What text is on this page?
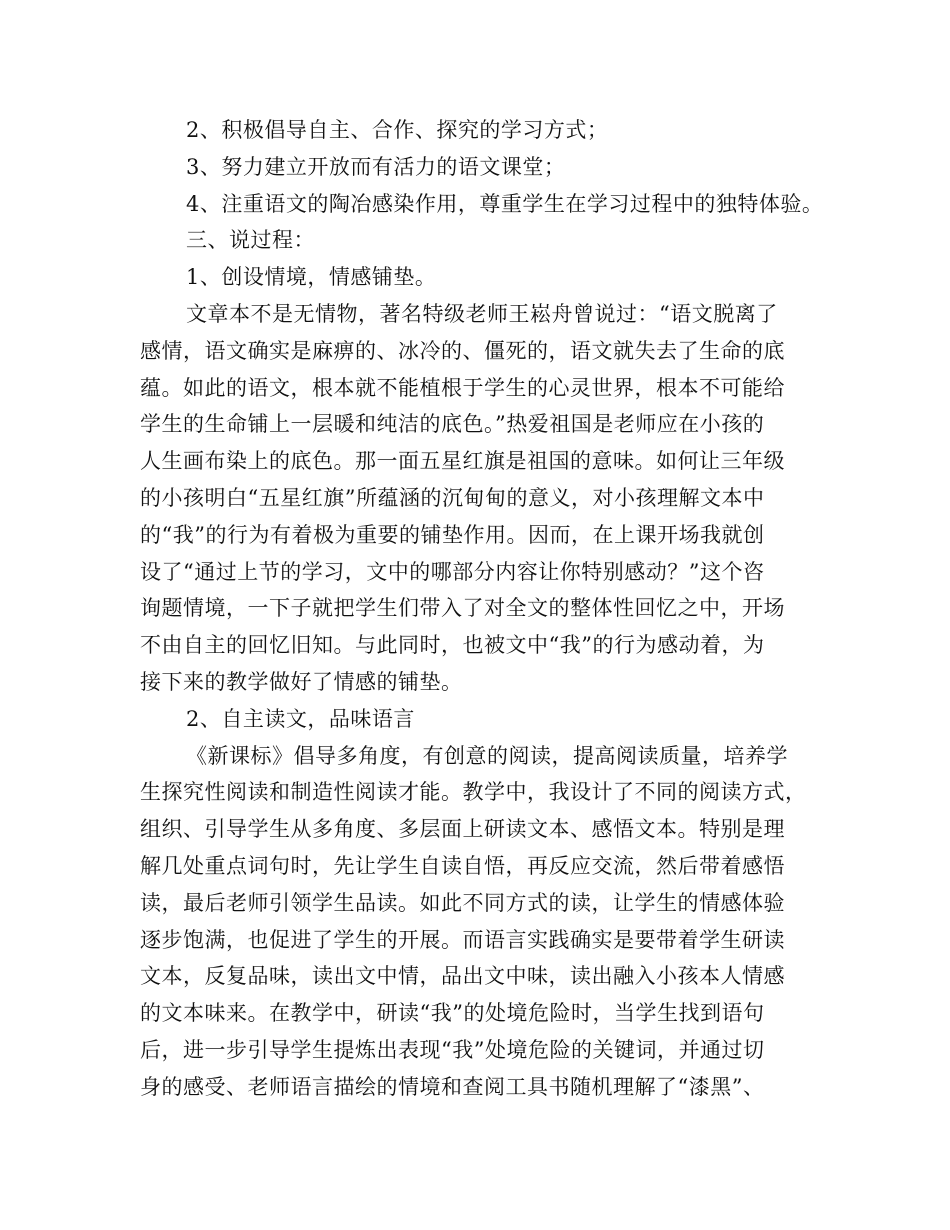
2、积极倡导自主、合作、探究的学习方式；
3、努力建立开放而有活力的语文课堂；
4、注重语文的陶冶感染作用，尊重学生在学习过程中的独特体验。
三、说过程：
1、创设情境，情感铺垫。
文章本不是无情物，著名特级老师王崧舟曾说过：“语文脱离了
感情，语文确实是麻痹的、冰冷的、僵死的，语文就失去了生命的底
蕴。如此的语文，根本就不能植根于学生的心灵世界，根本不可能给
学生的生命铺上一层暖和纯洁的底色。”热爱祖国是老师应在小孩的
人生画布染上的底色。那一面五星红旗是祖国的意味。如何让三年级
的小孩明白“五星红旗”所蕴涵的沉甸甸的意义，对小孩理解文本中
的“我”的行为有着极为重要的铺垫作用。因而，在上课开场我就创
设了“通过上节的学习，文中的哪部分内容让你特别感动？”这个咨
询题情境，一下子就把学生们带入了对全文的整体性回忆之中，开场
不由自主的回忆旧知。与此同时，也被文中“我”的行为感动着，为
接下来的教学做好了情感的铺垫。
2、自主读文，品味语言
《新课标》倡导多角度，有创意的阅读，提高阅读质量，培养学
生探究性阅读和制造性阅读才能。教学中，我设计了不同的阅读方式，
组织、引导学生从多角度、多层面上研读文本、感悟文本。特别是理
解几处重点词句时，先让学生自读自悟，再反应交流，然后带着感悟
读，最后老师引领学生品读。如此不同方式的读，让学生的情感体验
逐步饱满，也促进了学生的开展。而语言实践确实是要带着学生研读
文本，反复品味，读出文中情，品出文中味，读出融入小孩本人情感
的文本味来。在教学中，研读“我”的处境危险时，当学生找到语句
后，进一步引导学生提炼出表现“我”处境危险的关键词，并通过切
身的感受、老师语言描绘的情境和查阅工具书随机理解了“漆黑”、
